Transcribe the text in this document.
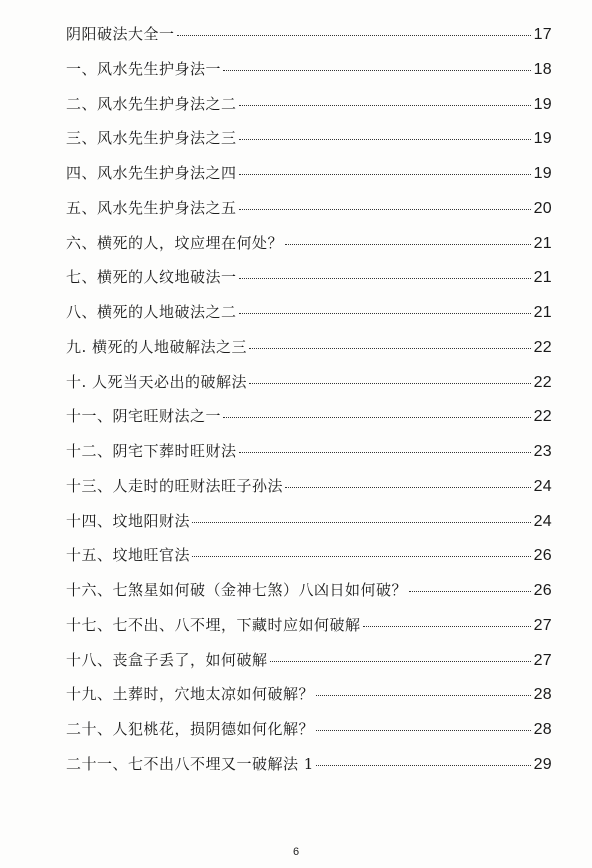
阴阳破法大全一	17
一、风水先生护身法一	18
二、风水先生护身法之二	19
三、风水先生护身法之三	19
四、风水先生护身法之四	19
五、风水先生护身法之五	20
六、横死的人，坟应埋在何处？	21
七、横死的人纹地破法一	21
八、横死的人地破法之二	21
九. 横死的人地破解法之三	22
十. 人死当天必出的破解法	22
十一、阴宅旺财法之一	22
十二、阴宅下葬时旺财法	23
十三、人走时的旺财法旺子孙法	24
十四、坟地阳财法	24
十五、坟地旺官法	26
十六、七煞星如何破（金神七煞）八凶日如何破？	26
十七、七不出、八不埋，下藏时应如何破解	27
十八、丧盒子丢了，如何破解	27
十九、土葬时，穴地太凉如何破解？	28
二十、人犯桃花，损阴德如何化解？	28
二十一、七不出八不埋又一破解法 1	29
6
